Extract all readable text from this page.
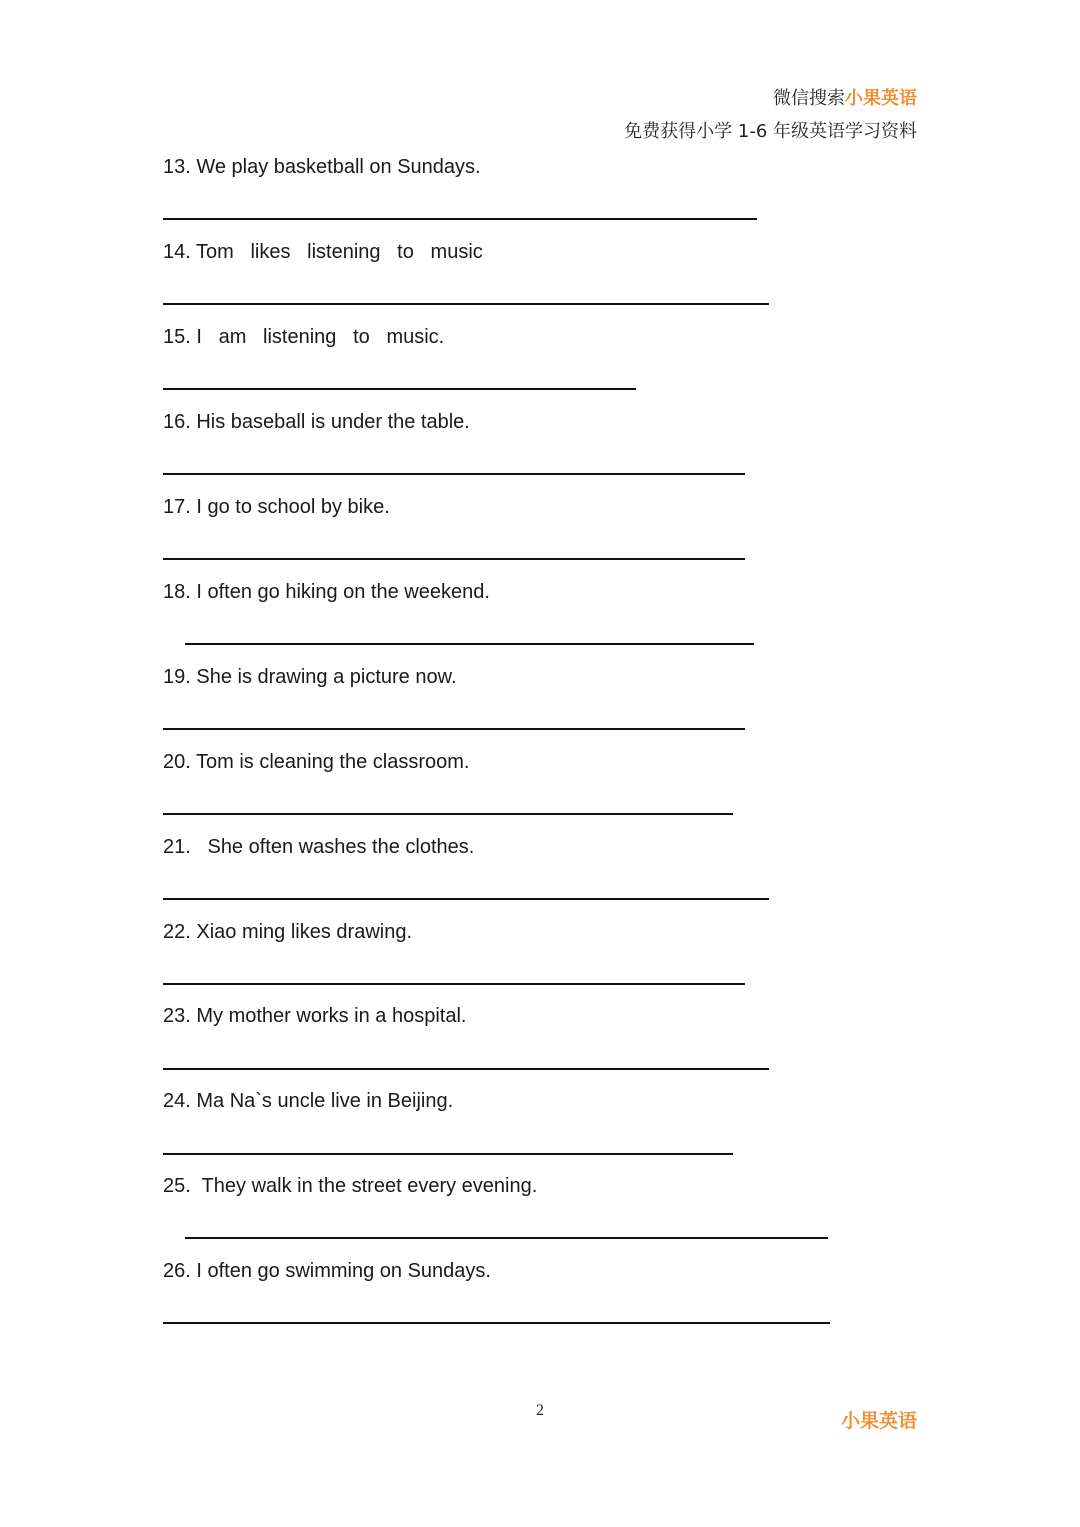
微信搜索小果英语
免费获得小学 1-6 年级英语学习资料
13. We play basketball on Sundays.
14. Tom   likes   listening   to   music
15. I   am   listening   to   music.
16. His baseball is under the table.
17. I go to school by bike.
18. I often go hiking on the weekend.
19. She is drawing a picture now.
20. Tom is cleaning the classroom.
21.   She often washes the clothes.
22. Xiao ming likes drawing.
23. My mother works in a hospital.
24. Ma Na`s uncle live in Beijing.
25.  They walk in the street every evening.
26. I often go swimming on Sundays.
2	小果英语
